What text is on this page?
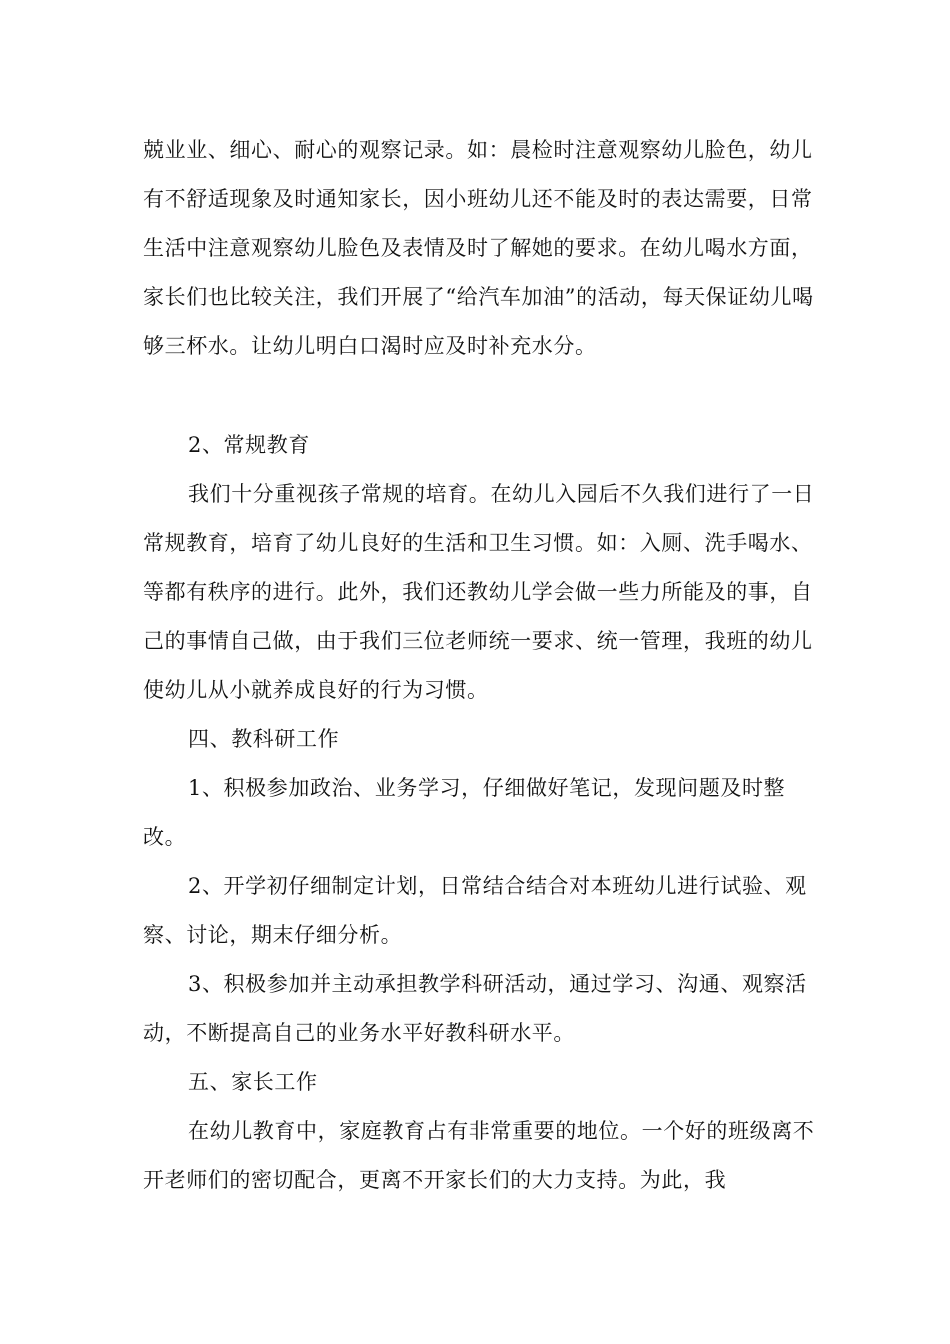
兢业业、细心、耐心的观察记录。如：晨检时注意观察幼儿脸色，幼儿有不舒适现象及时通知家长，因小班幼儿还不能及时的表达需要，日常生活中注意观察幼儿脸色及表情及时了解她的要求。在幼儿喝水方面，家长们也比较关注，我们开展了“给汽车加油”的活动，每天保证幼儿喝够三杯水。让幼儿明白口渴时应及时补充水分。

2、常规教育

我们十分重视孩子常规的培育。在幼儿入园后不久我们进行了一日常规教育，培育了幼儿良好的生活和卫生习惯。如：入厕、洗手喝水、等都有秩序的进行。此外，我们还教幼儿学会做一些力所能及的事，自己的事情自己做，由于我们三位老师统一要求、统一管理，我班的幼儿使幼儿从小就养成良好的行为习惯。

四、教科研工作

1、积极参加政治、业务学习，仔细做好笔记，发现问题及时整改。

2、开学初仔细制定计划，日常结合结合对本班幼儿进行试验、观察、讨论，期末仔细分析。

3、积极参加并主动承担教学科研活动，通过学习、沟通、观察活动，不断提高自己的业务水平好教科研水平。

五、家长工作

在幼儿教育中，家庭教育占有非常重要的地位。一个好的班级离不开老师们的密切配合，更离不开家长们的大力支持。为此，我
